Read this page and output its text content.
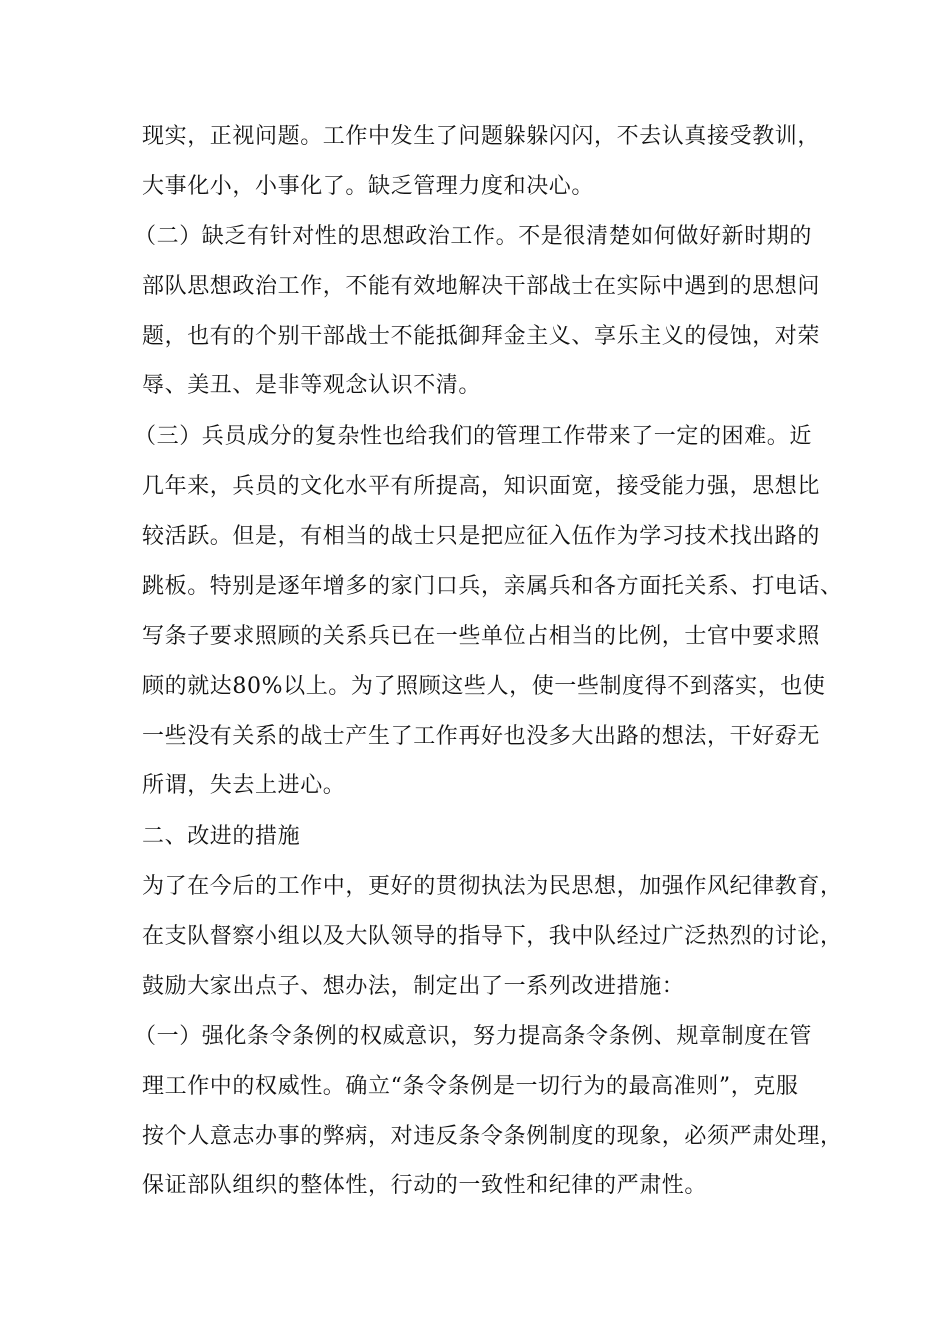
现实，正视问题。工作中发生了问题躲躲闪闪，不去认真接受教训，
大事化小，小事化了。缺乏管理力度和决心。
（二）缺乏有针对性的思想政治工作。不是很清楚如何做好新时期的
部队思想政治工作，不能有效地解决干部战士在实际中遇到的思想问
题，也有的个别干部战士不能抵御拜金主义、享乐主义的侵蚀，对荣
辱、美丑、是非等观念认识不清。
（三）兵员成分的复杂性也给我们的管理工作带来了一定的困难。近
几年来，兵员的文化水平有所提高，知识面宽，接受能力强，思想比
较活跃。但是，有相当的战士只是把应征入伍作为学习技术找出路的
跳板。特别是逐年增多的家门口兵，亲属兵和各方面托关系、打电话、
写条子要求照顾的关系兵已在一些单位占相当的比例，士官中要求照
顾的就达80%以上。为了照顾这些人，使一些制度得不到落实，也使
一些没有关系的战士产生了工作再好也没多大出路的想法，干好孬无
所谓，失去上进心。
二、改进的措施
为了在今后的工作中，更好的贯彻执法为民思想，加强作风纪律教育，
在支队督察小组以及大队领导的指导下，我中队经过广泛热烈的讨论，
鼓励大家出点子、想办法，制定出了一系列改进措施：
（一）强化条令条例的权威意识，努力提高条令条例、规章制度在管
理工作中的权威性。确立“条令条例是一切行为的最高准则”，克服
按个人意志办事的弊病，对违反条令条例制度的现象，必须严肃处理，
保证部队组织的整体性，行动的一致性和纪律的严肃性。
